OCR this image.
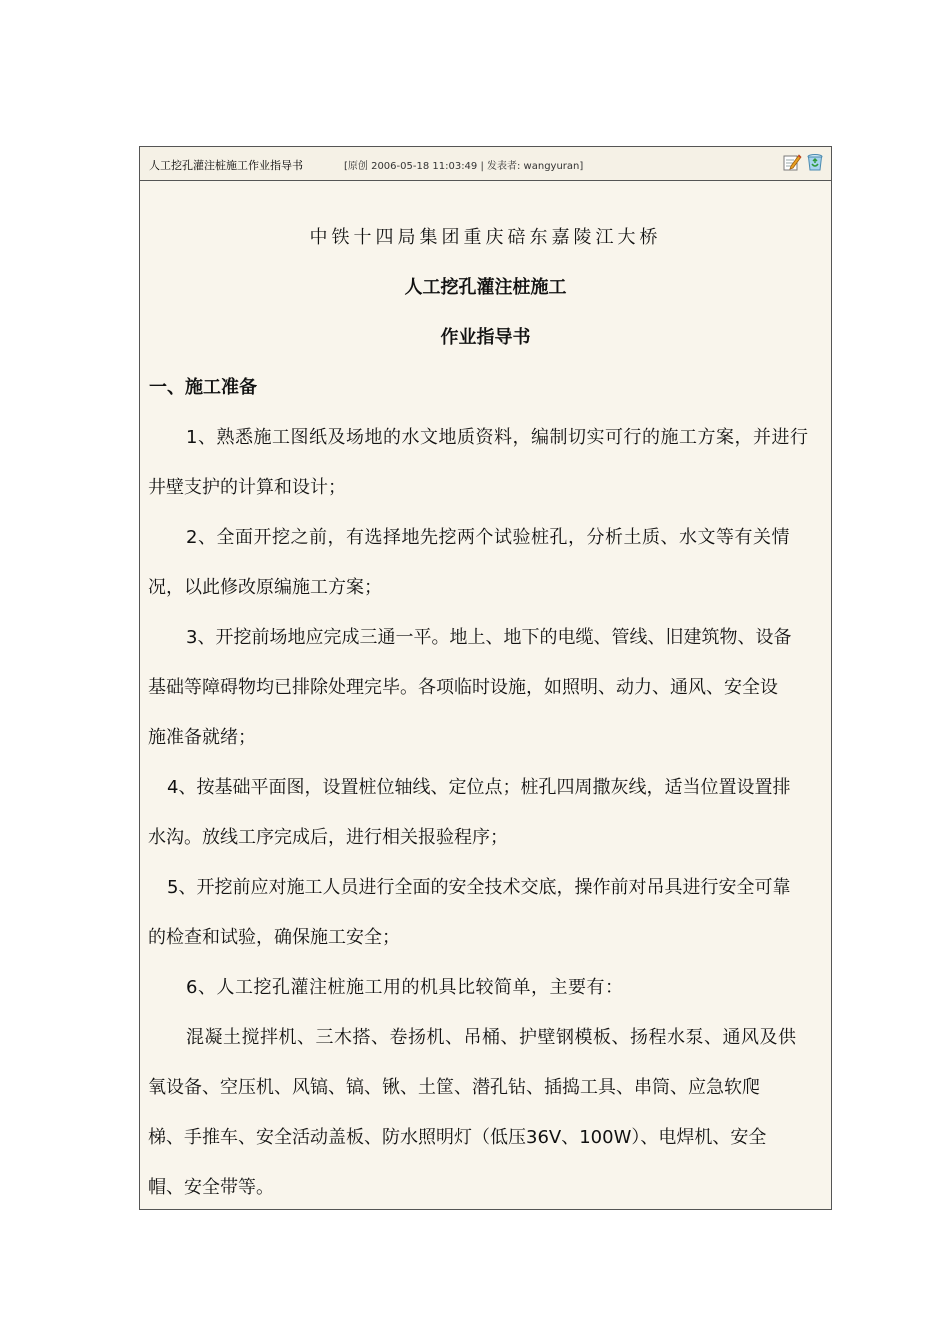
人工挖孔灌注桩施工作业指导书	[原创 2006-05-18 11:03:49 | 发表者: wangyuran]
中铁十四局集团重庆碚东嘉陵江大桥
人工挖孔灌注桩施工
作业指导书
一、施工准备
1、熟悉施工图纸及场地的水文地质资料，编制切实可行的施工方案，并进行
井壁支护的计算和设计；
2、全面开挖之前，有选择地先挖两个试验桩孔，分析土质、水文等有关情
况，以此修改原编施工方案；
3、开挖前场地应完成三通一平。地上、地下的电缆、管线、旧建筑物、设备
基础等障碍物均已排除处理完毕。各项临时设施，如照明、动力、通风、安全设
施准备就绪；
4、按基础平面图，设置桩位轴线、定位点；桩孔四周撒灰线，适当位置设置排
水沟。放线工序完成后，进行相关报验程序；
5、开挖前应对施工人员进行全面的安全技术交底，操作前对吊具进行安全可靠
的检查和试验，确保施工安全；
6、人工挖孔灌注桩施工用的机具比较简单，主要有：
混凝土搅拌机、三木搭、卷扬机、吊桶、护壁钢模板、扬程水泵、通风及供
氧设备、空压机、风镐、镐、锹、土筐、潜孔钻、插捣工具、串筒、应急软爬
梯、手推车、安全活动盖板、防水照明灯（低压36V、100W）、电焊机、安全
帽、安全带等。
